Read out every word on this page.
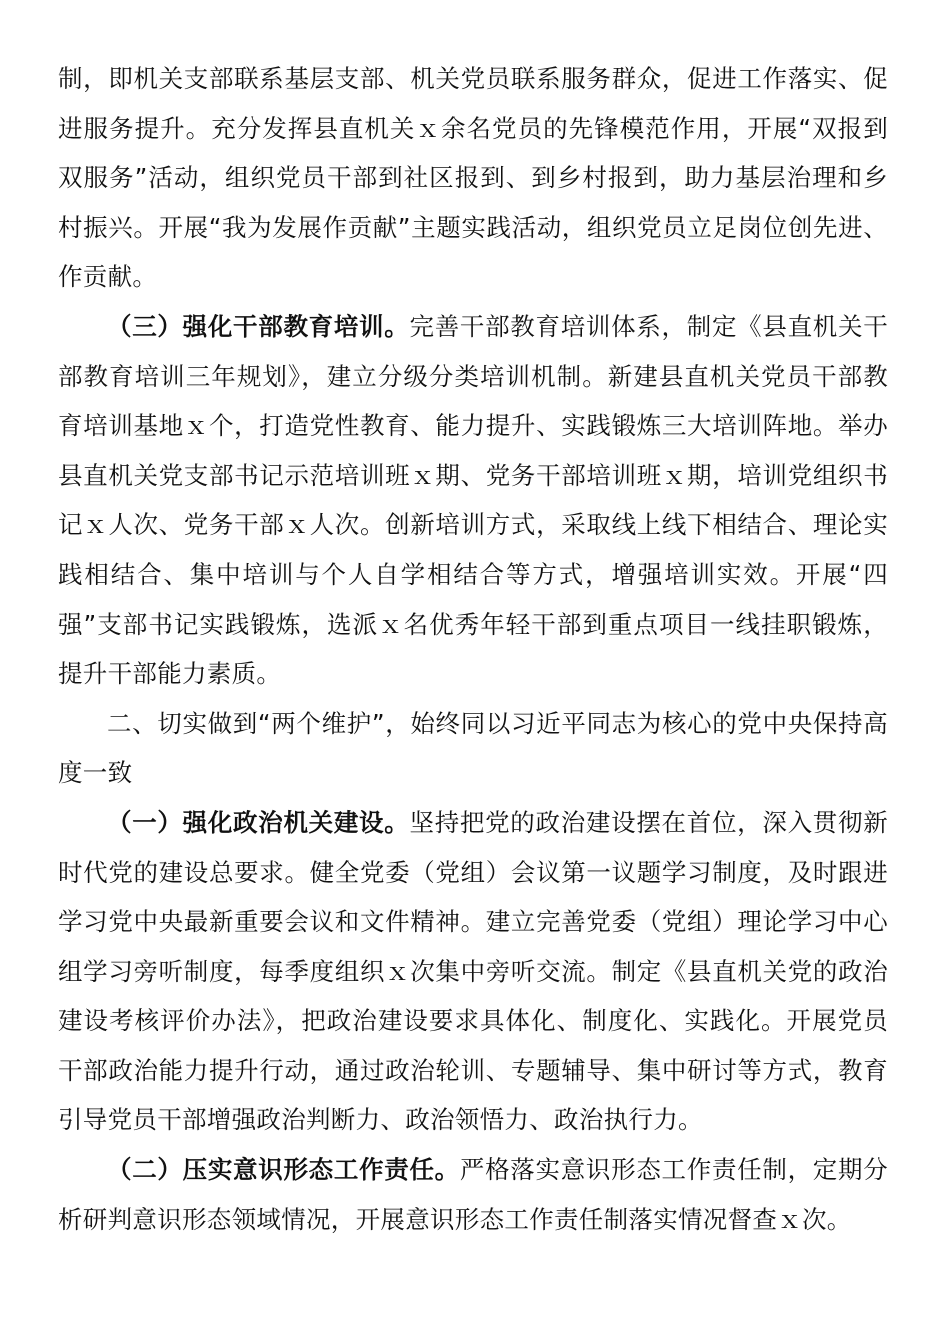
制，即机关支部联系基层支部、机关党员联系服务群众，促进工作落实、促进服务提升。充分发挥县直机关ｘ余名党员的先锋模范作用，开展“双报到双服务”活动，组织党员干部到社区报到、到乡村报到，助力基层治理和乡村振兴。开展“我为发展作贡献”主题实践活动，组织党员立足岗位创先进、作贡献。

（三）强化干部教育培训。完善干部教育培训体系，制定《县直机关干部教育培训三年规划》，建立分级分类培训机制。新建县直机关党员干部教育培训基地ｘ个，打造党性教育、能力提升、实践锻炼三大培训阵地。举办县直机关党支部书记示范培训班ｘ期、党务干部培训班ｘ期，培训党组织书记ｘ人次、党务干部ｘ人次。创新培训方式，采取线上线下相结合、理论实践相结合、集中培训与个人自学相结合等方式，增强培训实效。开展“四强”支部书记实践锻炼，选派ｘ名优秀年轻干部到重点项目一线挂职锻炼，提升干部能力素质。

二、切实做到“两个维护”，始终同以习近平同志为核心的党中央保持高度一致

（一）强化政治机关建设。坚持把党的政治建设摆在首位，深入贯彻新时代党的建设总要求。健全党委（党组）会议第一议题学习制度，及时跟进学习党中央最新重要会议和文件精神。建立完善党委（党组）理论学习中心组学习旁听制度，每季度组织ｘ次集中旁听交流。制定《县直机关党的政治建设考核评价办法》，把政治建设要求具体化、制度化、实践化。开展党员干部政治能力提升行动，通过政治轮训、专题辅导、集中研讨等方式，教育引导党员干部增强政治判断力、政治领悟力、政治执行力。

（二）压实意识形态工作责任。严格落实意识形态工作责任制，定期分析研判意识形态领域情况，开展意识形态工作责任制落实情况督查ｘ次。
